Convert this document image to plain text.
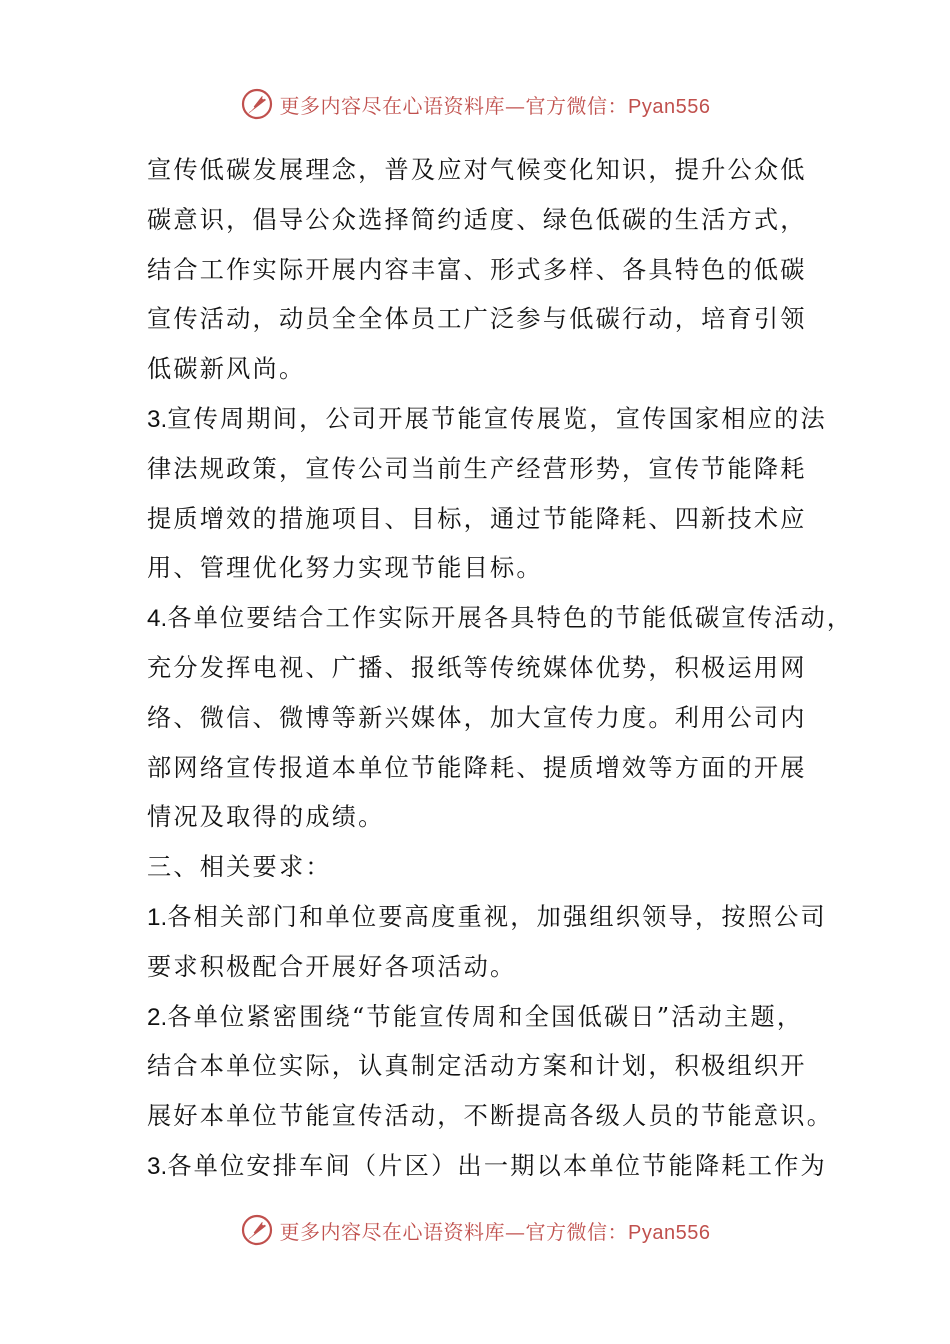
更多内容尽在心语资料库—官方微信：Pyan556
宣传低碳发展理念，普及应对气候变化知识，提升公众低
碳意识，倡导公众选择简约适度、绿色低碳的生活方式，
结合工作实际开展内容丰富、形式多样、各具特色的低碳
宣传活动，动员全全体员工广泛参与低碳行动，培育引领
低碳新风尚。
3.宣传周期间，公司开展节能宣传展览，宣传国家相应的法
律法规政策，宣传公司当前生产经营形势，宣传节能降耗
提质增效的措施项目、目标，通过节能降耗、四新技术应
用、管理优化努力实现节能目标。
4.各单位要结合工作实际开展各具特色的节能低碳宣传活动，
充分发挥电视、广播、报纸等传统媒体优势，积极运用网
络、微信、微博等新兴媒体，加大宣传力度。利用公司内
部网络宣传报道本单位节能降耗、提质增效等方面的开展
情况及取得的成绩。
三、相关要求：
1.各相关部门和单位要高度重视，加强组织领导，按照公司
要求积极配合开展好各项活动。
2.各单位紧密围绕“节能宣传周和全国低碳日”活动主题，
结合本单位实际，认真制定活动方案和计划，积极组织开
展好本单位节能宣传活动，不断提高各级人员的节能意识。
3.各单位安排车间（片区）出一期以本单位节能降耗工作为
更多内容尽在心语资料库—官方微信：Pyan556
